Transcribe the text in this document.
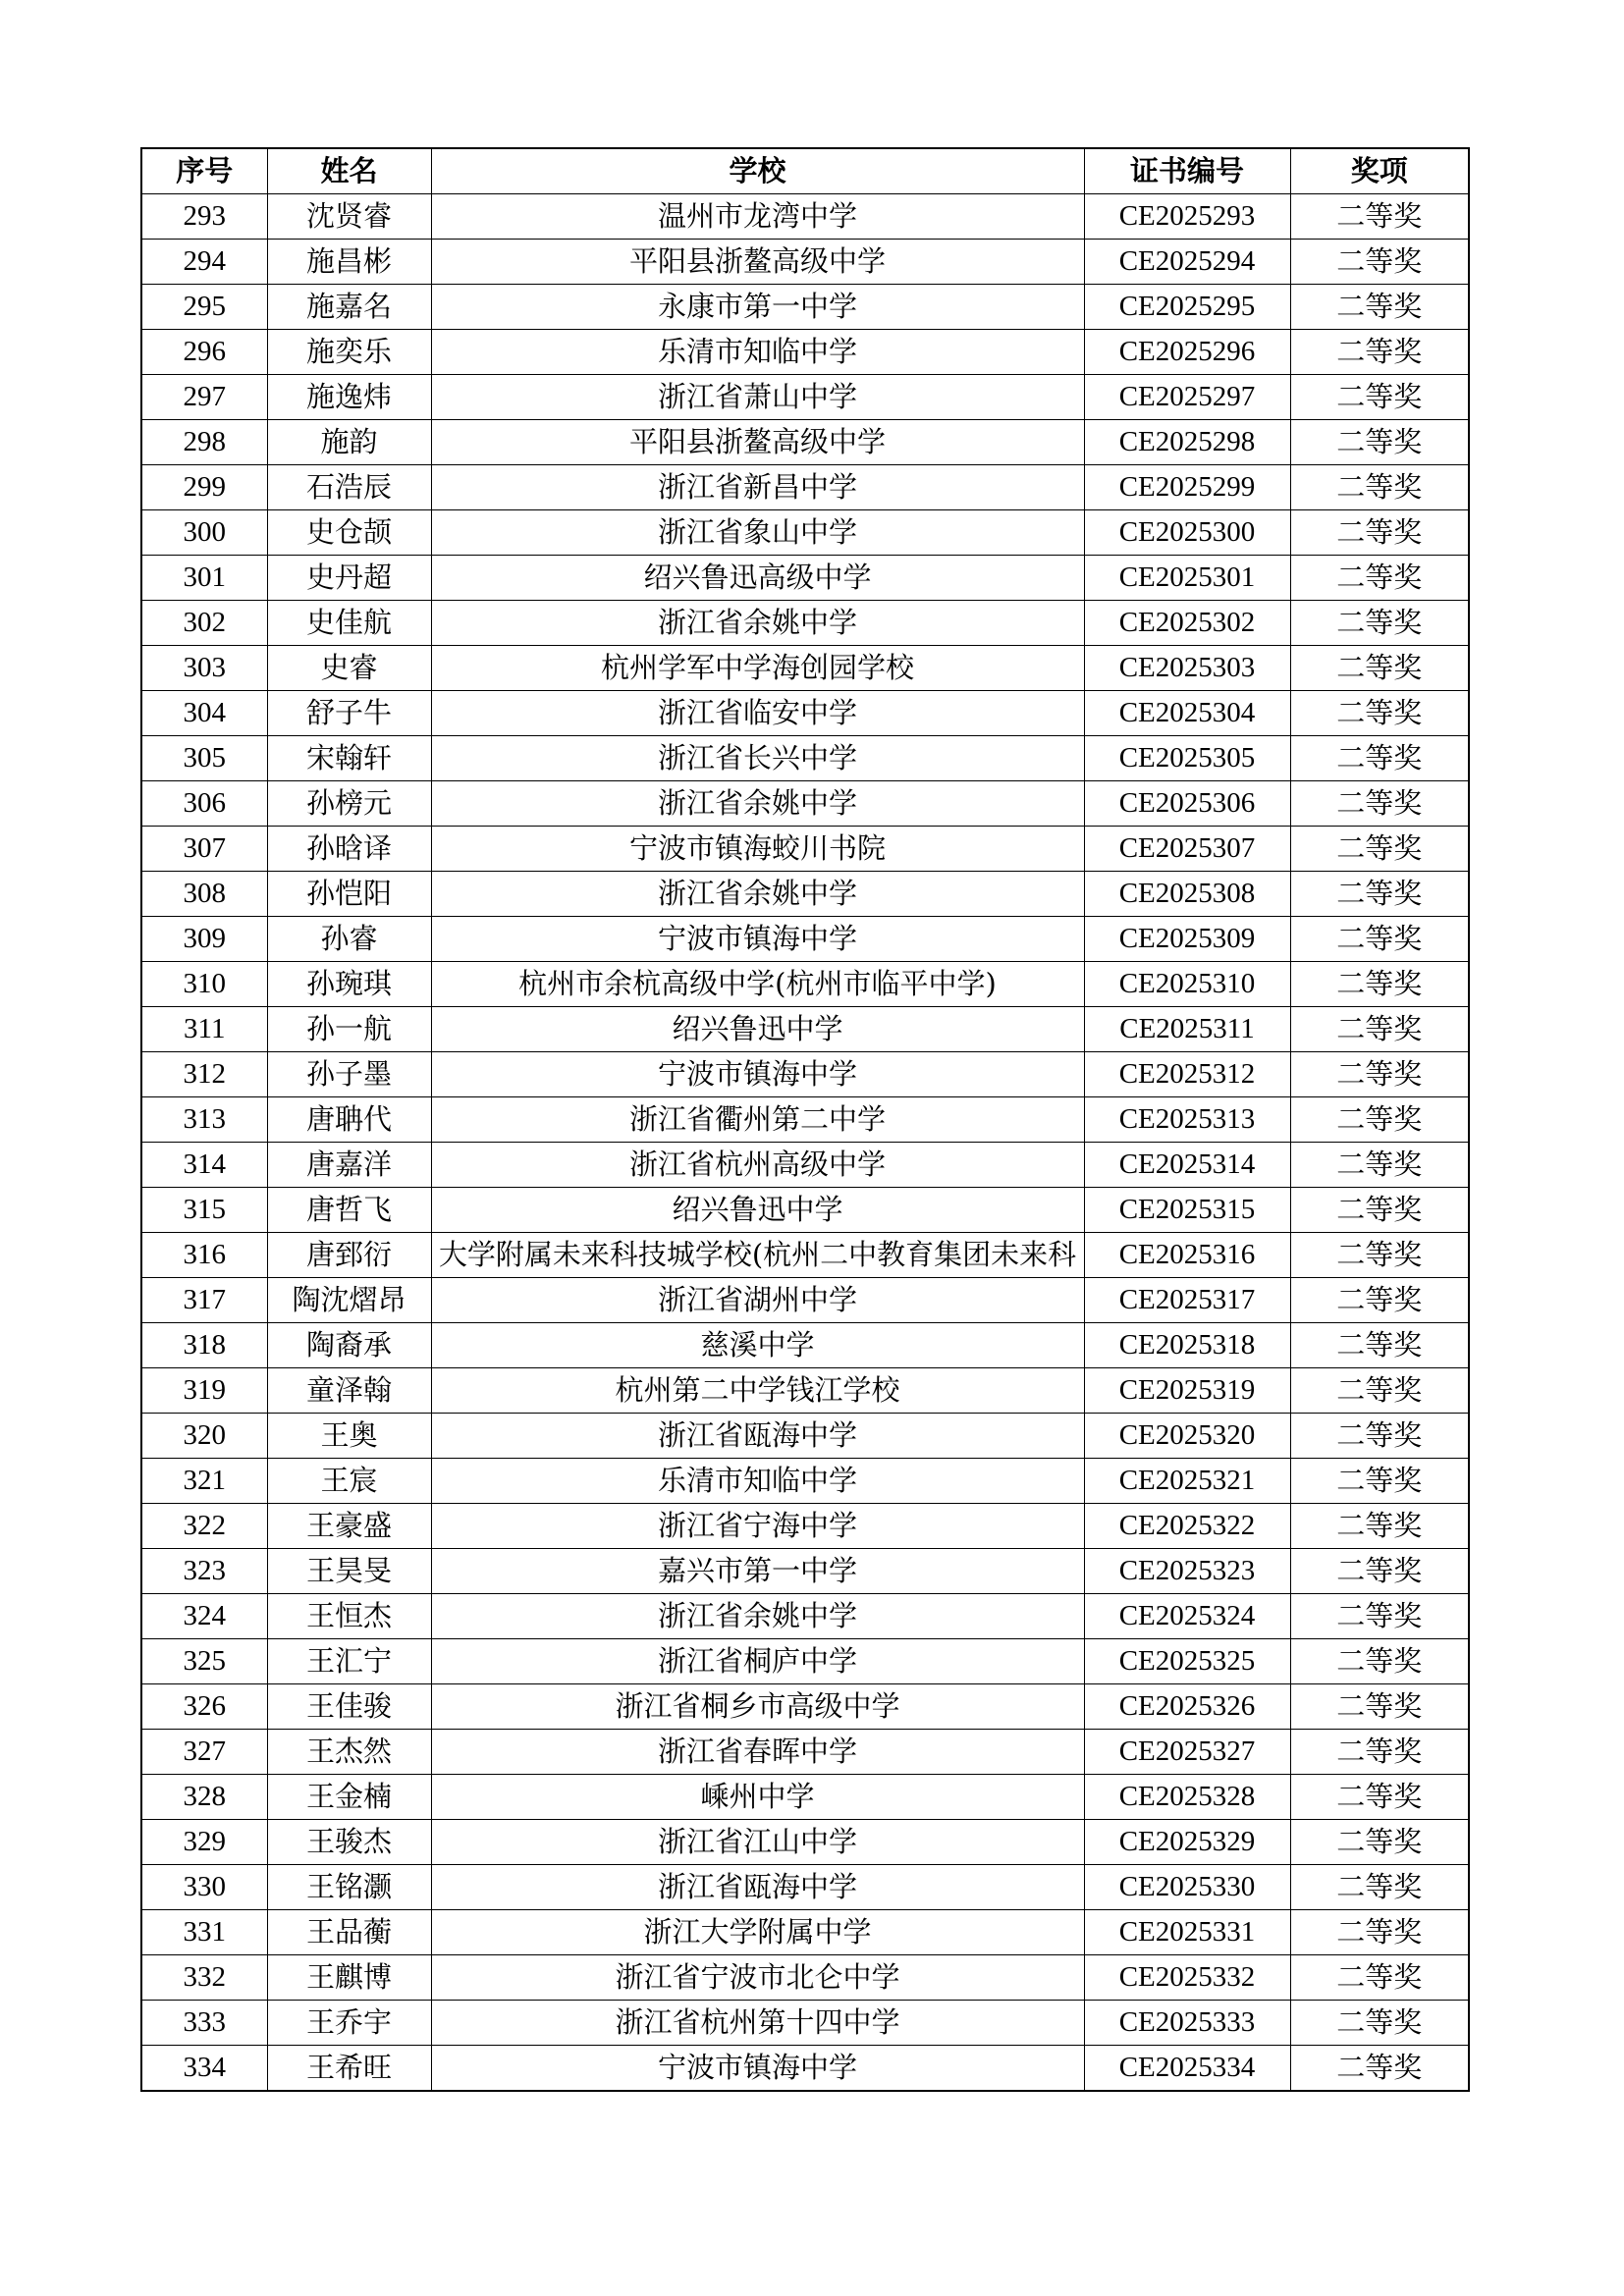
序号	姓名	学校	证书编号	奖项
293	沈贤睿	温州市龙湾中学	CE2025293	二等奖
294	施昌彬	平阳县浙鳌高级中学	CE2025294	二等奖
295	施嘉名	永康市第一中学	CE2025295	二等奖
296	施奕乐	乐清市知临中学	CE2025296	二等奖
297	施逸炜	浙江省萧山中学	CE2025297	二等奖
298	施韵	平阳县浙鳌高级中学	CE2025298	二等奖
299	石浩辰	浙江省新昌中学	CE2025299	二等奖
300	史仓颉	浙江省象山中学	CE2025300	二等奖
301	史丹超	绍兴鲁迅高级中学	CE2025301	二等奖
302	史佳航	浙江省余姚中学	CE2025302	二等奖
303	史睿	杭州学军中学海创园学校	CE2025303	二等奖
304	舒子牛	浙江省临安中学	CE2025304	二等奖
305	宋翰轩	浙江省长兴中学	CE2025305	二等奖
306	孙榜元	浙江省余姚中学	CE2025306	二等奖
307	孙晗译	宁波市镇海蛟川书院	CE2025307	二等奖
308	孙恺阳	浙江省余姚中学	CE2025308	二等奖
309	孙睿	宁波市镇海中学	CE2025309	二等奖
310	孙琬琪	杭州市余杭高级中学(杭州市临平中学)	CE2025310	二等奖
311	孙一航	绍兴鲁迅中学	CE2025311	二等奖
312	孙子墨	宁波市镇海中学	CE2025312	二等奖
313	唐聃代	浙江省衢州第二中学	CE2025313	二等奖
314	唐嘉洋	浙江省杭州高级中学	CE2025314	二等奖
315	唐哲飞	绍兴鲁迅中学	CE2025315	二等奖
316	唐郅衍	大学附属未来科技城学校(杭州二中教育集团未来科	CE2025316	二等奖
317	陶沈熠昂	浙江省湖州中学	CE2025317	二等奖
318	陶裔承	慈溪中学	CE2025318	二等奖
319	童泽翰	杭州第二中学钱江学校	CE2025319	二等奖
320	王奥	浙江省瓯海中学	CE2025320	二等奖
321	王宸	乐清市知临中学	CE2025321	二等奖
322	王豪盛	浙江省宁海中学	CE2025322	二等奖
323	王昊旻	嘉兴市第一中学	CE2025323	二等奖
324	王恒杰	浙江省余姚中学	CE2025324	二等奖
325	王汇宁	浙江省桐庐中学	CE2025325	二等奖
326	王佳骏	浙江省桐乡市高级中学	CE2025326	二等奖
327	王杰然	浙江省春晖中学	CE2025327	二等奖
328	王金楠	嵊州中学	CE2025328	二等奖
329	王骏杰	浙江省江山中学	CE2025329	二等奖
330	王铭灏	浙江省瓯海中学	CE2025330	二等奖
331	王品蘅	浙江大学附属中学	CE2025331	二等奖
332	王麒博	浙江省宁波市北仑中学	CE2025332	二等奖
333	王乔宇	浙江省杭州第十四中学	CE2025333	二等奖
334	王希旺	宁波市镇海中学	CE2025334	二等奖
